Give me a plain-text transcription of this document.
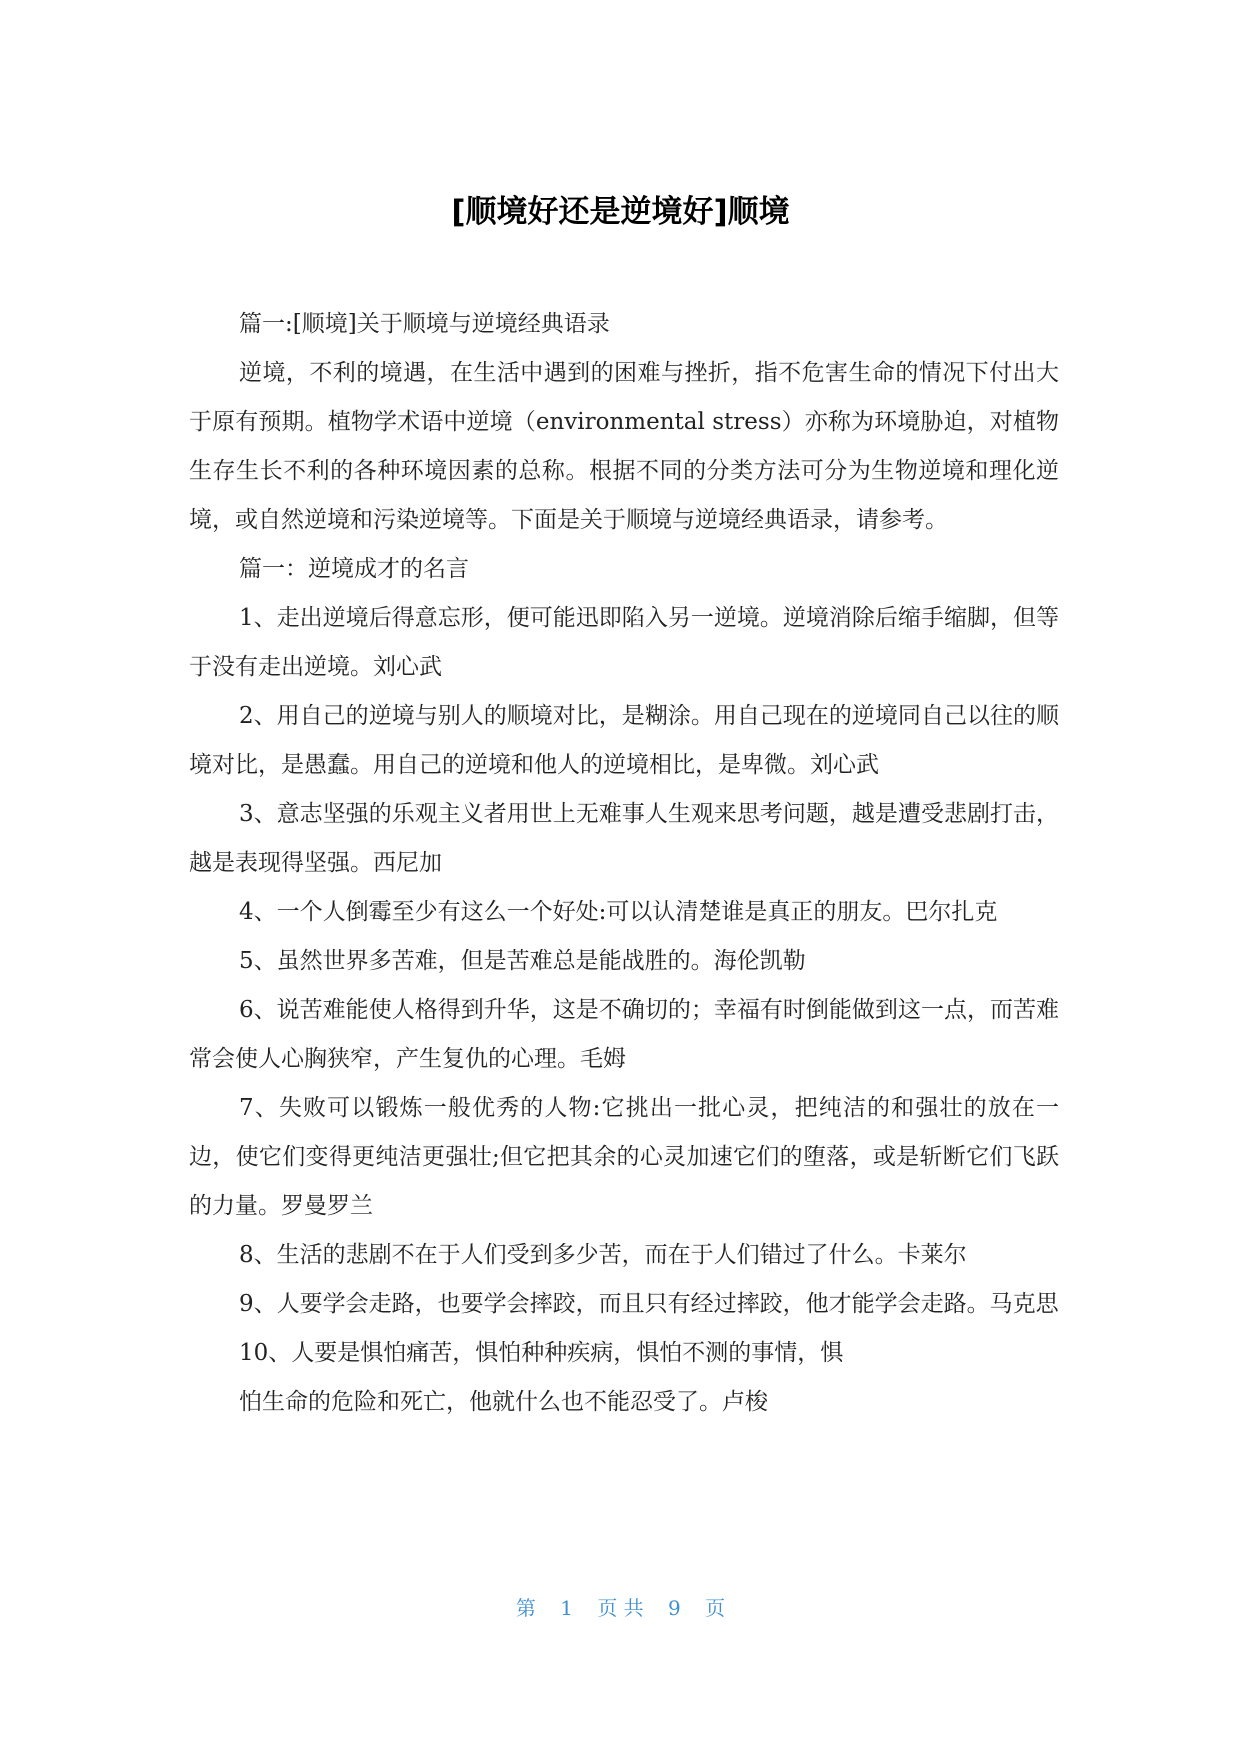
[顺境好还是逆境好]顺境

篇一:[顺境]关于顺境与逆境经典语录

逆境，不利的境遇，在生活中遇到的困难与挫折，指不危害生命的情况下付出大于原有预期。植物学术语中逆境（environmental stress）亦称为环境胁迫，对植物生存生长不利的各种环境因素的总称。根据不同的分类方法可分为生物逆境和理化逆境，或自然逆境和污染逆境等。下面是关于顺境与逆境经典语录，请参考。

篇一：逆境成才的名言

1、走出逆境后得意忘形，便可能迅即陷入另一逆境。逆境消除后缩手缩脚，但等于没有走出逆境。刘心武

2、用自己的逆境与别人的顺境对比，是糊涂。用自己现在的逆境同自己以往的顺境对比，是愚蠢。用自己的逆境和他人的逆境相比，是卑微。刘心武

3、意志坚强的乐观主义者用世上无难事人生观来思考问题，越是遭受悲剧打击，越是表现得坚强。西尼加

4、一个人倒霉至少有这么一个好处:可以认清楚谁是真正的朋友。巴尔扎克

5、虽然世界多苦难，但是苦难总是能战胜的。海伦凯勒

6、说苦难能使人格得到升华，这是不确切的；幸福有时倒能做到这一点，而苦难常会使人心胸狭窄，产生复仇的心理。毛姆

7、失败可以锻炼一般优秀的人物:它挑出一批心灵，把纯洁的和强壮的放在一边，使它们变得更纯洁更强壮;但它把其余的心灵加速它们的堕落，或是斩断它们飞跃的力量。罗曼罗兰

8、生活的悲剧不在于人们受到多少苦，而在于人们错过了什么。卡莱尔

9、人要学会走路，也要学会摔跤，而且只有经过摔跤，他才能学会走路。马克思

10、人要是惧怕痛苦，惧怕种种疾病，惧怕不测的事情，惧

怕生命的危险和死亡，他就什么也不能忍受了。卢梭

第 1 页 共 9 页
